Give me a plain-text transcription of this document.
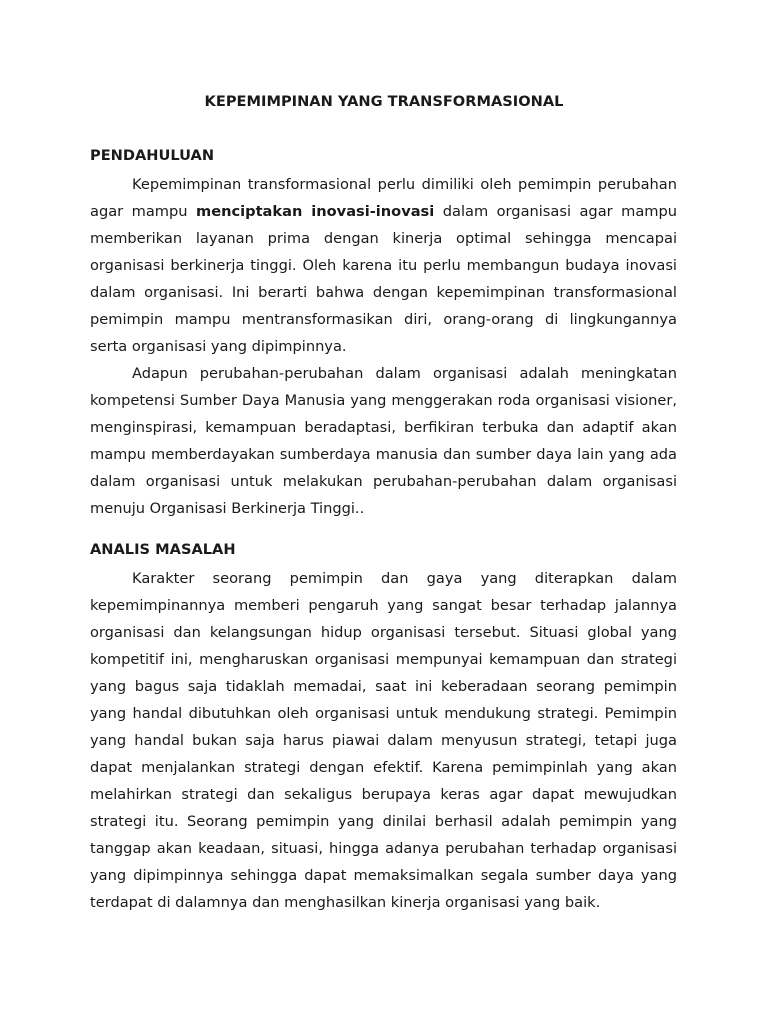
KEPEMIMPINAN YANG TRANSFORMASIONAL
PENDAHULUAN

Kepemimpinan transformasional perlu dimiliki oleh pemimpin perubahan agar mampu menciptakan inovasi-inovasi dalam organisasi agar mampu memberikan layanan prima dengan kinerja optimal sehingga mencapai organisasi berkinerja tinggi. Oleh karena itu perlu membangun budaya inovasi dalam organisasi. Ini berarti bahwa dengan kepemimpinan transformasional pemimpin mampu mentransformasikan diri, orang-orang di lingkungannya serta organisasi yang dipimpinnya.

Adapun perubahan-perubahan dalam organisasi adalah meningkatan kompetensi Sumber Daya Manusia yang menggerakan roda organisasi visioner, menginspirasi, kemampuan beradaptasi, berfikiran terbuka dan adaptif akan mampu memberdayakan sumberdaya manusia dan sumber daya lain yang ada dalam organisasi untuk melakukan perubahan-perubahan dalam organisasi menuju Organisasi Berkinerja Tinggi..

ANALIS MASALAH

Karakter seorang pemimpin dan gaya yang diterapkan dalam kepemimpinannya memberi pengaruh yang sangat besar terhadap jalannya organisasi dan kelangsungan hidup organisasi tersebut. Situasi global yang kompetitif ini, mengharuskan organisasi mempunyai kemampuan dan strategi yang bagus saja tidaklah memadai, saat ini keberadaan seorang pemimpin yang handal dibutuhkan oleh organisasi untuk mendukung strategi. Pemimpin yang handal bukan saja harus piawai dalam menyusun strategi, tetapi juga dapat menjalankan strategi dengan efektif. Karena pemimpinlah yang akan melahirkan strategi dan sekaligus berupaya keras agar dapat mewujudkan strategi itu. Seorang pemimpin yang dinilai berhasil adalah pemimpin yang tanggap akan keadaan, situasi, hingga adanya perubahan terhadap organisasi yang dipimpinnya sehingga dapat memaksimalkan segala sumber daya yang terdapat di dalamnya dan menghasilkan kinerja organisasi yang baik.
